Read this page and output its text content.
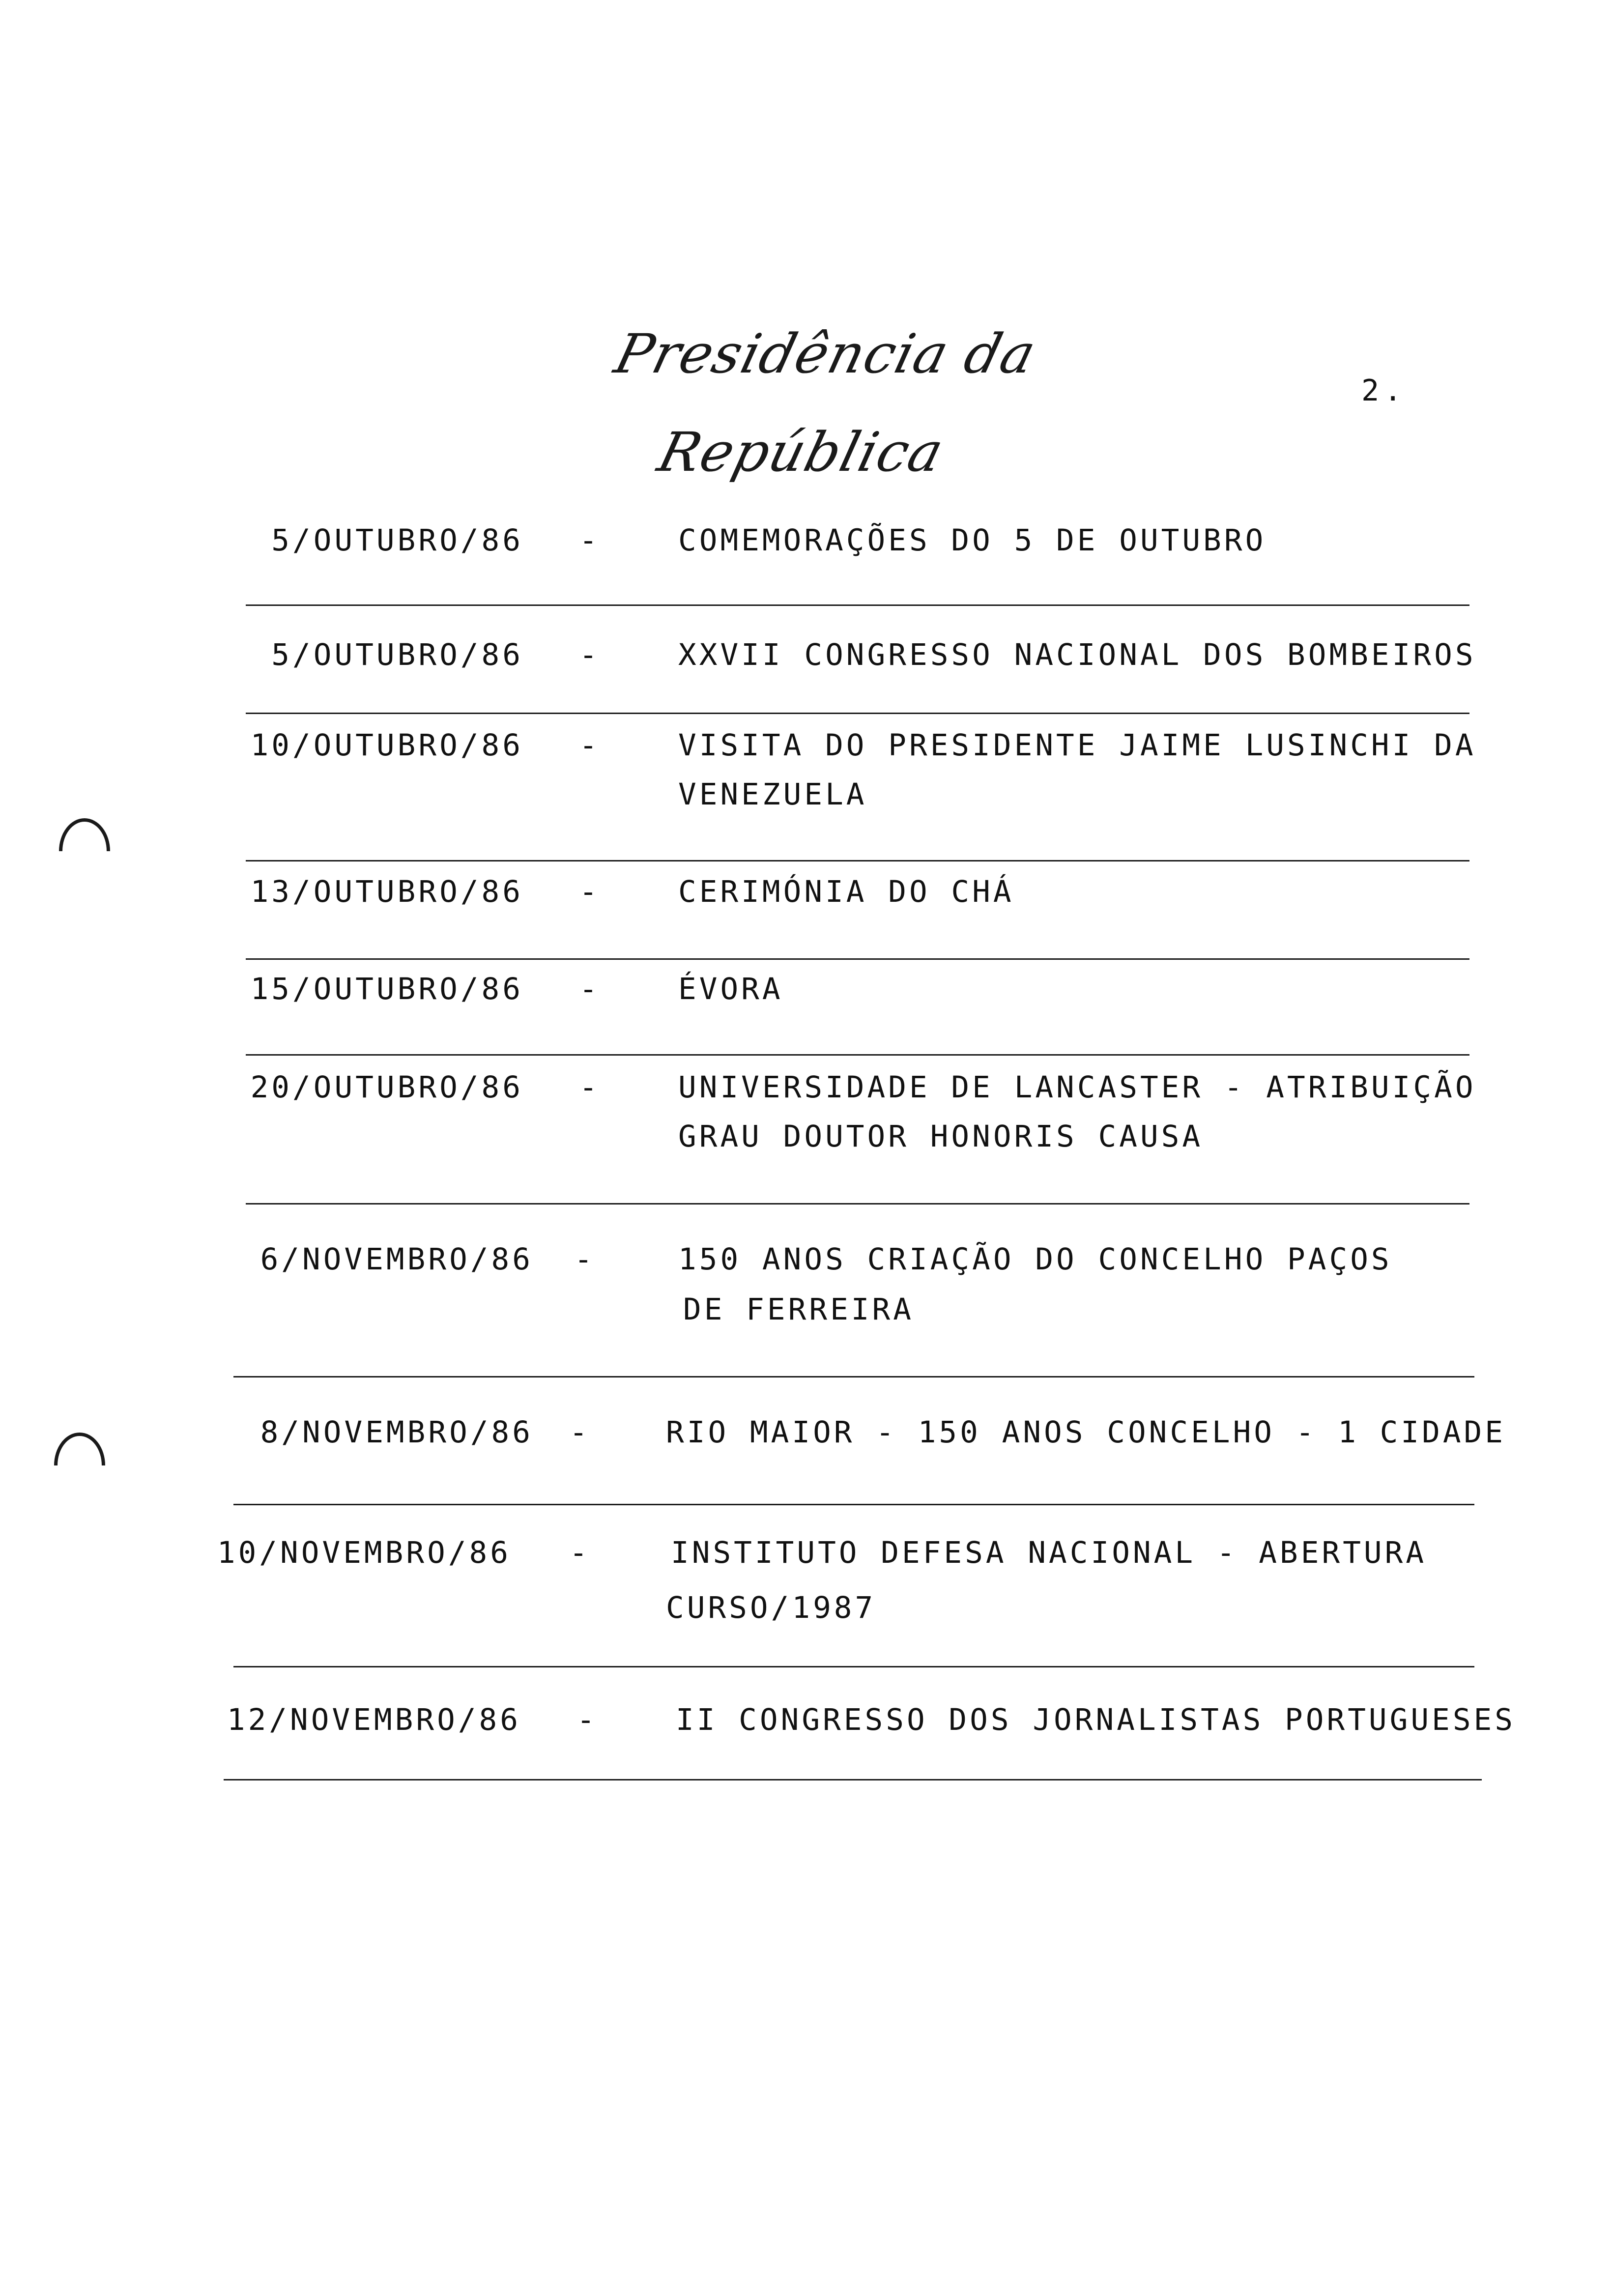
Presidência da República
2.
5/OUTUBRO/86 -	COMEMORAÇÕES DO 5 DE OUTUBRO
5/OUTUBRO/86 -	XXVII CONGRESSO NACIONAL DOS BOMBEIROS
10/OUTUBRO/86 -	VISITA DO PRESIDENTE JAIME LUSINCHI DA
VENEZUELA
13/OUTUBRO/86 -	CERIMÓNIA DO CHÁ
15/OUTUBRO/86 -	ÉVORA
20/OUTUBRO/86 -	UNIVERSIDADE DE LANCASTER - ATRIBUIÇÃO
GRAU DOUTOR HONORIS CAUSA
6/NOVEMBRO/86 -	150 ANOS CRIAÇÃO DO CONCELHO PAÇOS
DE FERREIRA
8/NOVEMBRO/86 -	RIO MAIOR - 150 ANOS CONCELHO - 1 CIDADE
10/NOVEMBRO/86 -	INSTITUTO DEFESA NACIONAL - ABERTURA
CURSO/1987
12/NOVEMBRO/86 -	II CONGRESSO DOS JORNALISTAS PORTUGUESES
